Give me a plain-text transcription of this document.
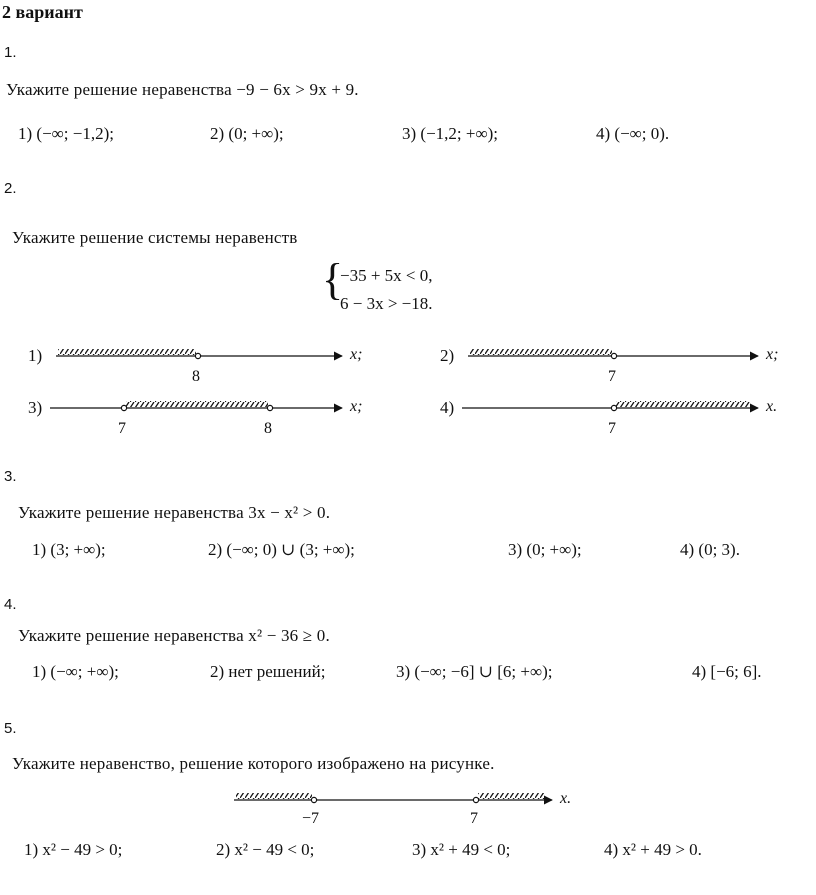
2 вариант
1.
Укажите решение неравенства −9 − 6x > 9x + 9.
1) (−∞; −1,2);	2) (0; +∞);	3) (−1,2; +∞);	4) (−∞; 0).
2.
Укажите решение системы неравенств
{
−35 + 5x < 0,
6 − 3x > −18.
1)	x;
8
2)	x;
7
3)	x;
7	8
4)	x.
7
3.
Укажите решение неравенства 3x − x² > 0.
1) (3; +∞);	2) (−∞; 0) ∪ (3; +∞);	3) (0; +∞);	4) (0; 3).
4.
Укажите решение неравенства x² − 36 ≥ 0.
1) (−∞; +∞);	2) нет решений;	3) (−∞; −6] ∪ [6; +∞);	4) [−6; 6].
5.
Укажите неравенство, решение которого изображено на рисунке.
x.
−7	7
1) x² − 49 > 0;	2) x² − 49 < 0;	3) x² + 49 < 0;	4) x² + 49 > 0.
